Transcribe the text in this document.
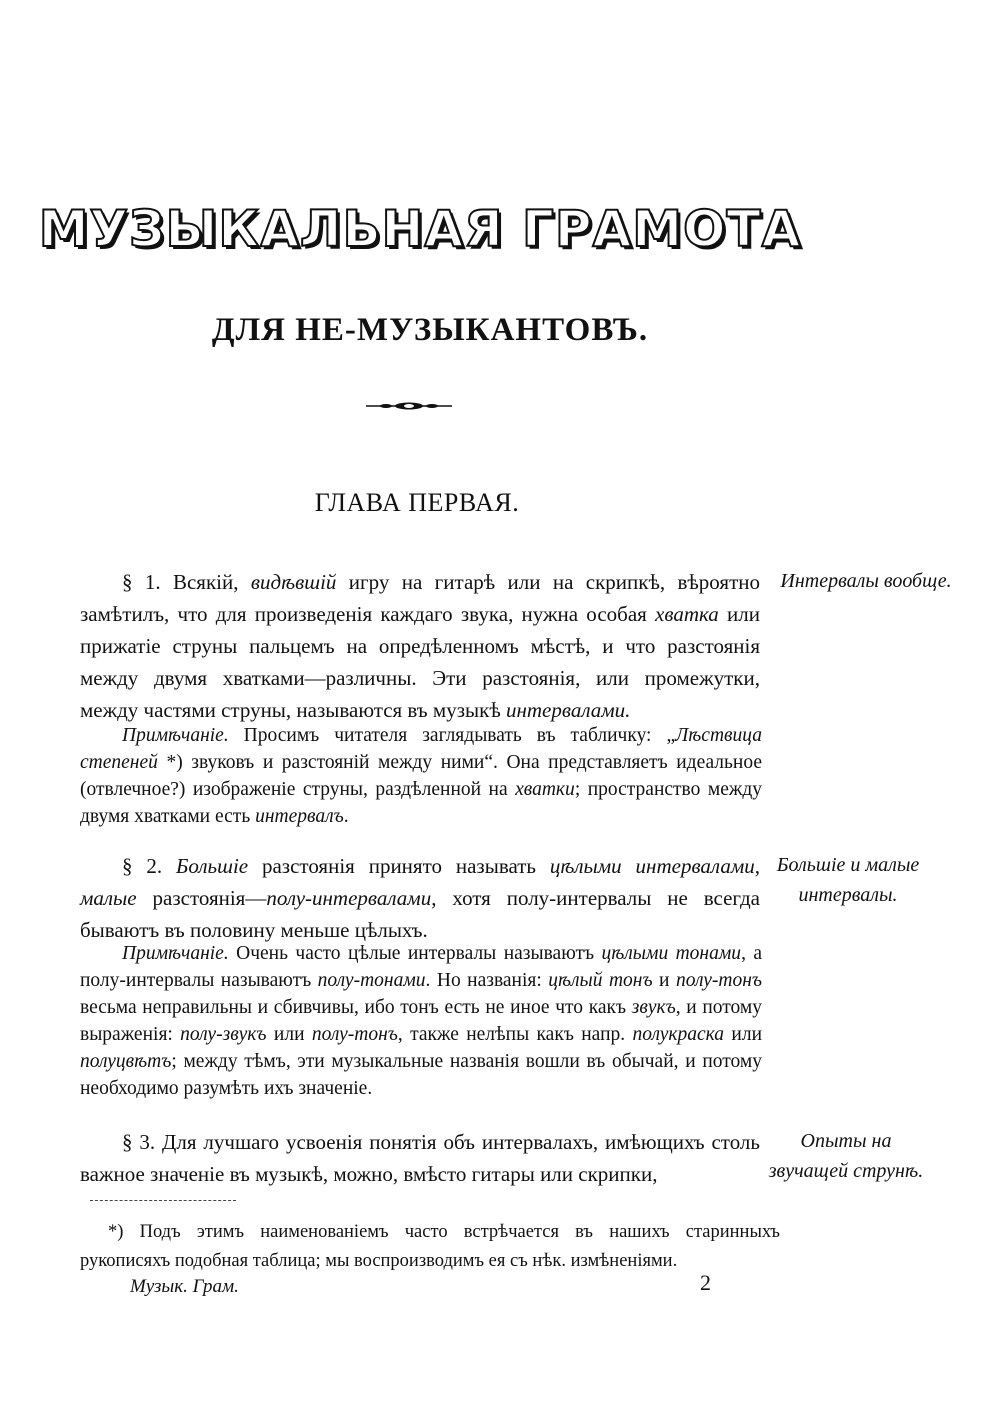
МУЗЫКАЛЬНАЯ ГРАМОТА
ДЛЯ НЕ-МУЗЫКАНТОВЪ.
ГЛАВА ПЕРВАЯ.
§ 1. Всякій, видѣвшій игру на гитарѣ или на скрипкѣ, вѣроятно замѣтилъ, что для произведенія каждаго звука, нужна особая хватка или прижатіе струны пальцемъ на опредѣленномъ мѣстѣ, и что разстоянія между двумя хватками—различны. Эти разстоянія, или промежутки, между частями струны, называются въ музыкѣ интервалами.
Интервалы вообще.
Примѣчаніе. Просимъ читателя заглядывать въ табличку: „Лѣствица степеней *) звуковъ и разстояній между ними“. Она представляетъ идеальное (отвлечное?) изображеніе струны, раздѣленной на хватки; пространство между двумя хватками есть интервалъ.
§ 2. Большіе разстоянія принято называть цѣлыми интервалами, малые разстоянія—полу-интервалами, хотя полу-интервалы не всегда бываютъ въ половину меньше цѣлыхъ.
Большіе и малые интервалы.
Примѣчаніе. Очень часто цѣлые интервалы называютъ цѣлыми тонами, а полу-интервалы называютъ полу-тонами. Но названія: цѣлый тонъ и полу-тонъ весьма неправильны и сбивчивы, ибо тонъ есть не иное что какъ звукъ, и потому выраженія: полу-звукъ или полу-тонъ, также нелѣпы какъ напр. полукраска или полуцвѣтъ; между тѣмъ, эти музыкальные названія вошли въ обычай, и потому необходимо разумѣть ихъ значеніе.
§ 3. Для лучшаго усвоенія понятія объ интервалахъ, имѣющихъ столь важное значеніе въ музыкѣ, можно, вмѣсто гитары или скрипки,
Опыты на звучащей струнѣ.
*) Подъ этимъ наименованіемъ часто встрѣчается въ нашихъ старинныхъ рукописяхъ подобная таблица; мы воспроизводимъ ея съ нѣк. измѣненіями.
Музык. Грам.	2
